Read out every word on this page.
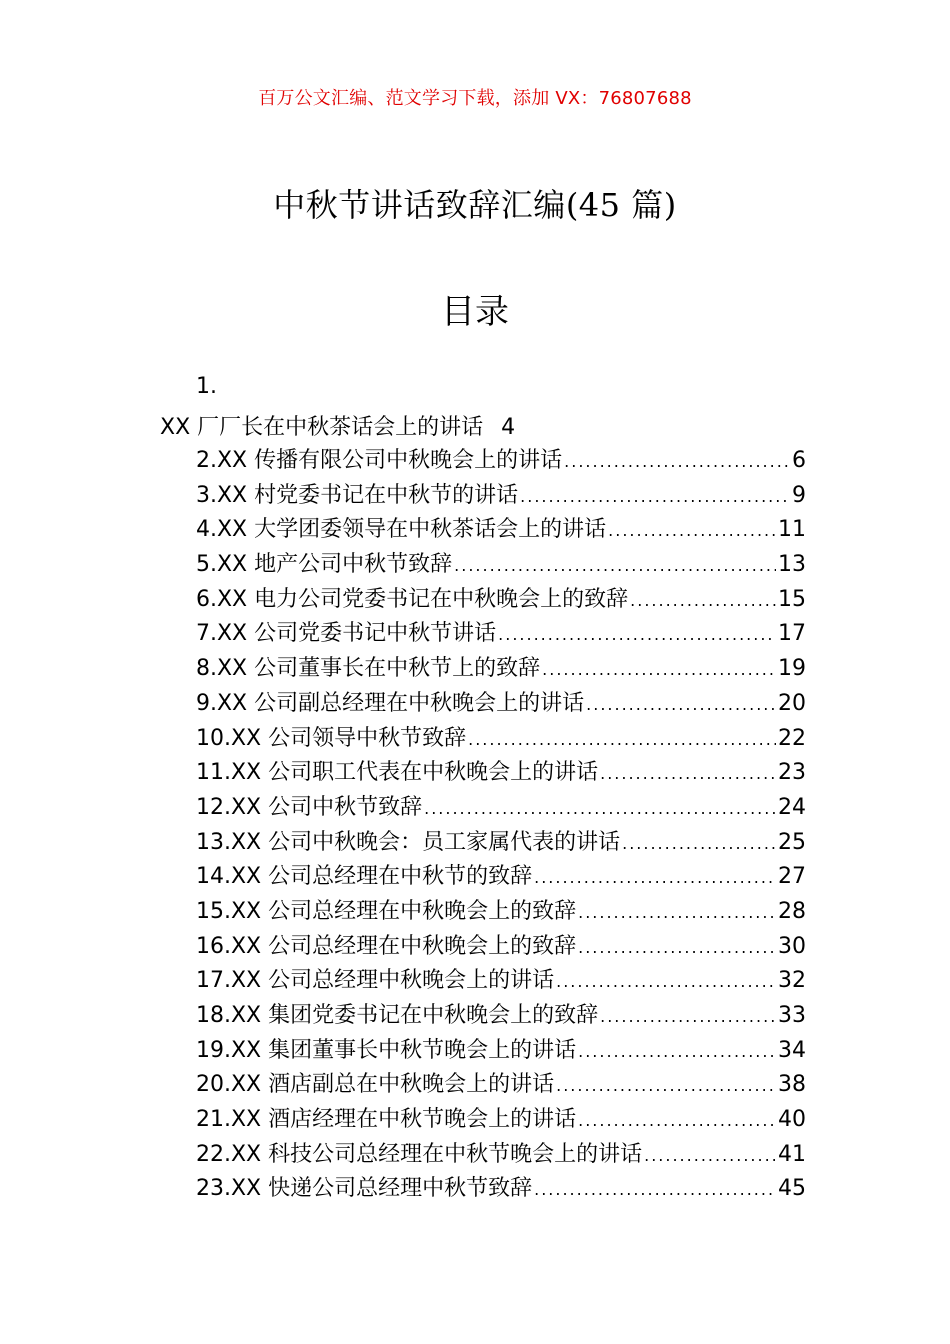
百万公文汇编、范文学习下载，添加 VX：76807688
中秋节讲话致辞汇编(45 篇)
目录
1.
XX 厂厂长在中秋茶话会上的讲话 4
2.XX 传播有限公司中秋晚会上的讲话 .....	6
3.XX 村党委书记在中秋节的讲话 .....	9
4.XX 大学团委领导在中秋茶话会上的讲话 .....	11
5.XX 地产公司中秋节致辞 .....	13
6.XX 电力公司党委书记在中秋晚会上的致辞 .....	15
7.XX 公司党委书记中秋节讲话 .....	17
8.XX 公司董事长在中秋节上的致辞 .....	19
9.XX 公司副总经理在中秋晚会上的讲话 .....	20
10.XX 公司领导中秋节致辞 .....	22
11.XX 公司职工代表在中秋晚会上的讲话 .....	23
12.XX 公司中秋节致辞 .....	24
13.XX 公司中秋晚会：员工家属代表的讲话 .....	25
14.XX 公司总经理在中秋节的致辞 .....	27
15.XX 公司总经理在中秋晚会上的致辞 .....	28
16.XX 公司总经理在中秋晚会上的致辞 .....	30
17.XX 公司总经理中秋晚会上的讲话 .....	32
18.XX 集团党委书记在中秋晚会上的致辞 .....	33
19.XX 集团董事长中秋节晚会上的讲话 .....	34
20.XX 酒店副总在中秋晚会上的讲话 .....	38
21.XX 酒店经理在中秋节晚会上的讲话 .....	40
22.XX 科技公司总经理在中秋节晚会上的讲话 .....	41
23.XX 快递公司总经理中秋节致辞 .....	45
